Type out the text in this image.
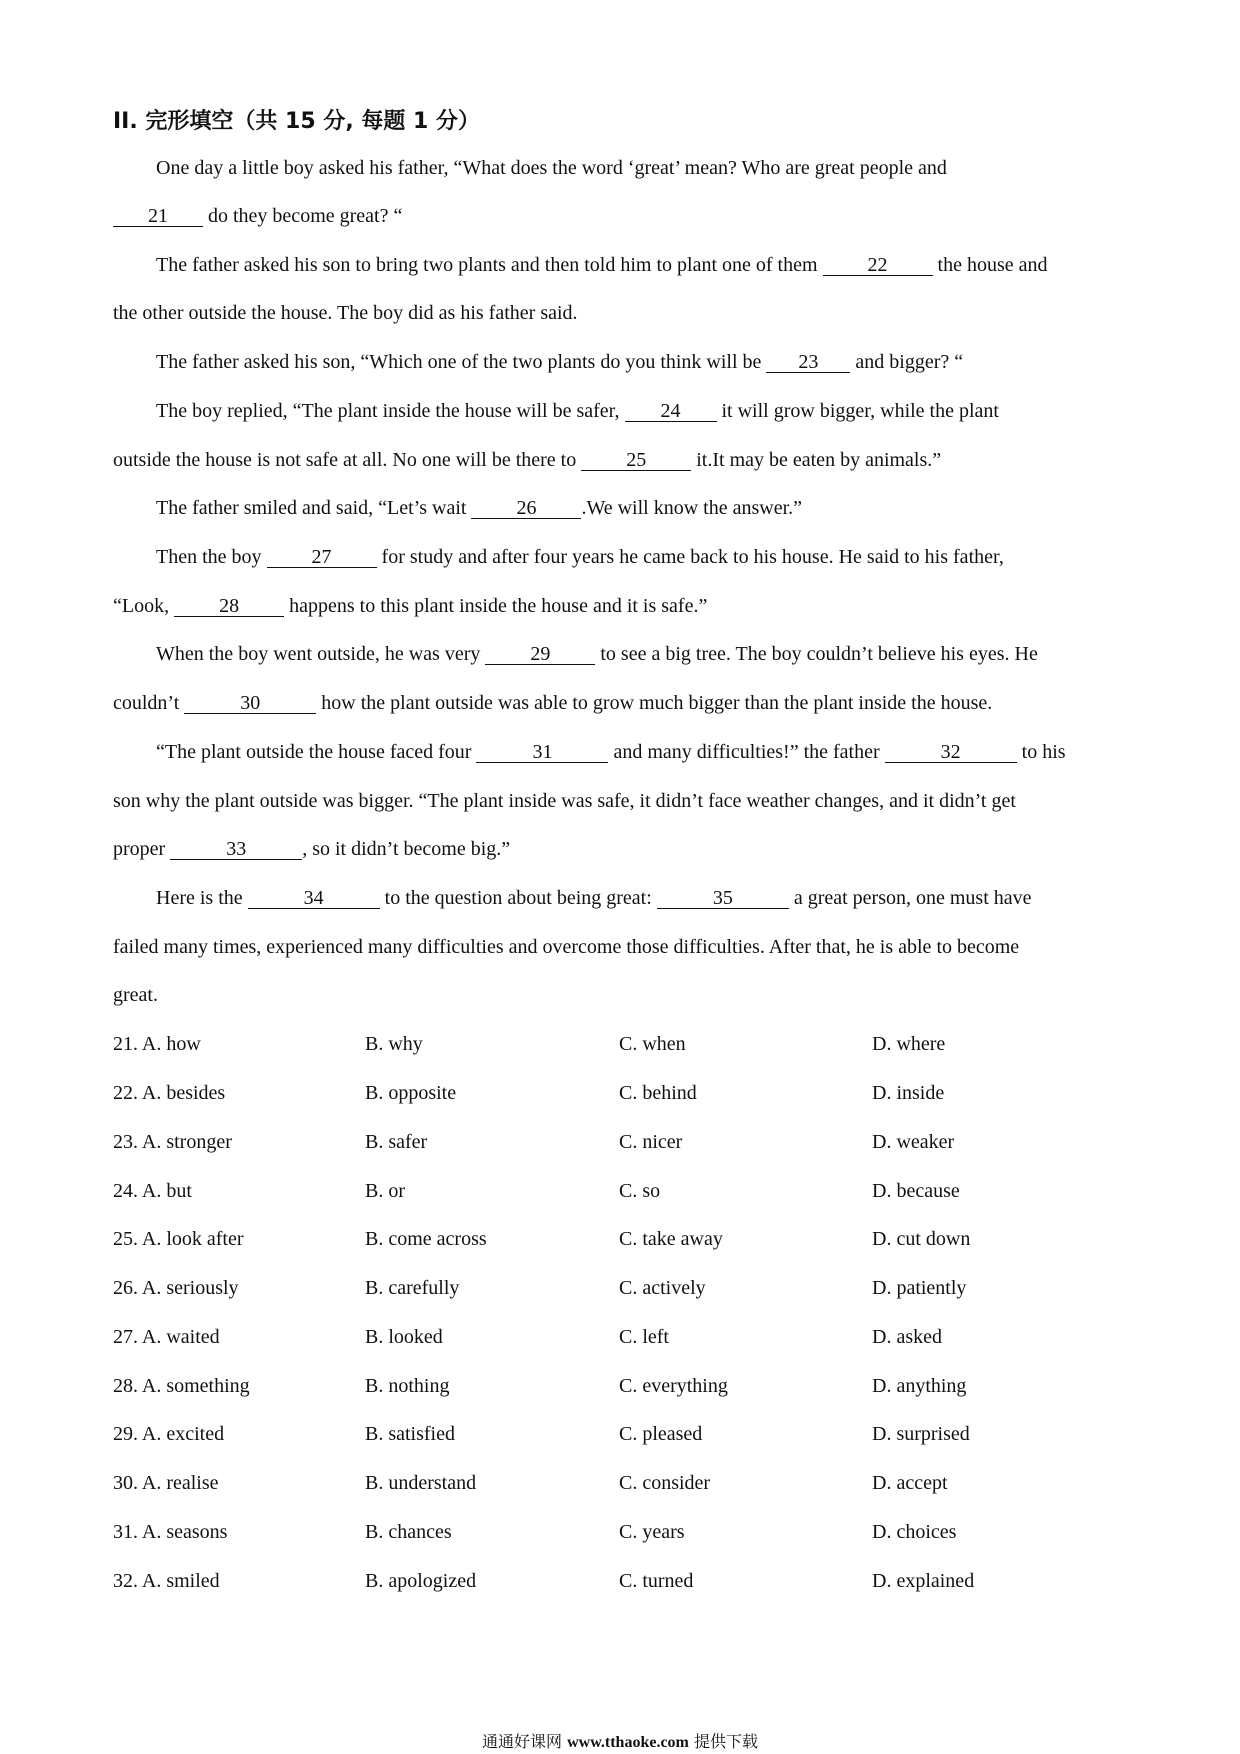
II. 完形填空（共 15 分, 每题 1 分）
One day a little boy asked his father, “What does the word ‘great’ mean? Who are great people and
21 do they become great? “
The father asked his son to bring two plants and then told him to plant one of them 22 the house and
the other outside the house. The boy did as his father said.
The father asked his son, “Which one of the two plants do you think will be 23 and bigger? “
The boy replied, “The plant inside the house will be safer, 24 it will grow bigger, while the plant
outside the house is not safe at all. No one will be there to 25 it.It may be eaten by animals.”
The father smiled and said, “Let’s wait 26 .We will know the answer.”
Then the boy 27 for study and after four years he came back to his house. He said to his father,
“Look, 28 happens to this plant inside the house and it is safe.”
When the boy went outside, he was very 29 to see a big tree. The boy couldn’t believe his eyes. He
couldn’t	30	how the plant outside was able to grow much bigger than the plant inside the house.
“The plant outside the house faced four	31	and many difficulties!” the father	32	to his
son why the plant outside was bigger. “The plant inside was safe, it didn’t face weather changes, and it didn’t get
proper	33	, so it didn’t become big.”
Here is the	34	to the question about being great:	35	a great person, one must have
failed many times, experienced many difficulties and overcome those difficulties. After that, he is able to become
great.
21. A. how	B. why	C. when	D. where
22. A. besides	B. opposite	C. behind	D. inside
23. A. stronger	B. safer	C. nicer	D. weaker
24. A. but	B. or	C. so	D. because
25. A. look after	B. come across	C. take away	D. cut down
26. A. seriously	B. carefully	C. actively	D. patiently
27. A. waited	B. looked	C. left	D. asked
28. A. something	B. nothing	C. everything	D. anything
29. A. excited	B. satisfied	C. pleased	D. surprised
30. A. realise	B. understand	C. consider	D. accept
31. A. seasons	B. chances	C. years	D. choices
32. A. smiled	B. apologized	C. turned	D. explained
通通好课网 www.tthaoke.com 提供下载
